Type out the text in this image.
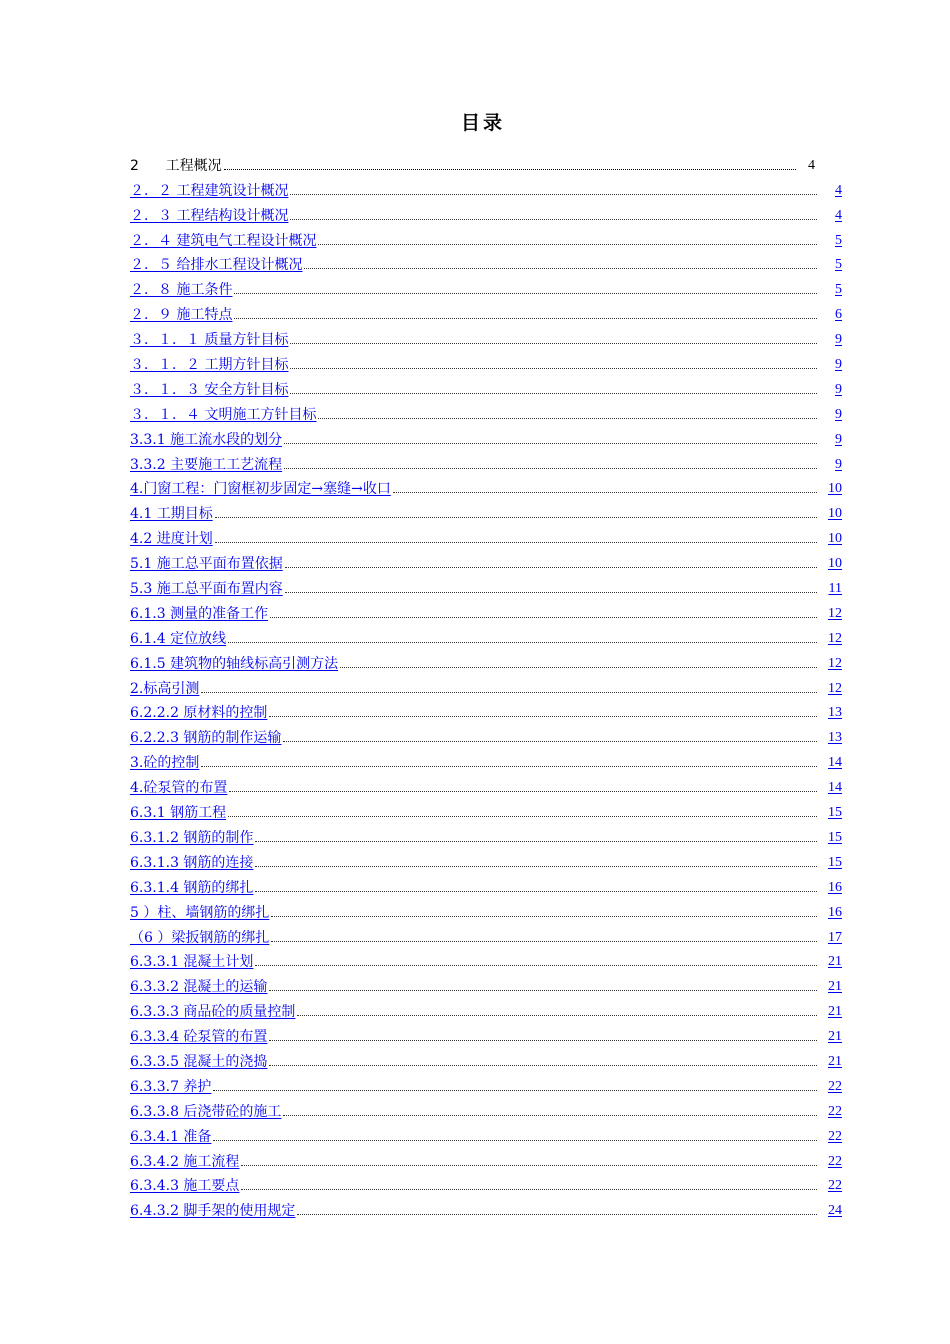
目录
2      工程概况	4
２．２ 工程建筑设计概况	4
２．３ 工程结构设计概况	4
２．４ 建筑电气工程设计概况	5
２．５ 给排水工程设计概况	5
２．８ 施工条件	5
２．９ 施工特点	6
３．１．１ 质量方针目标	9
３．１．２ 工期方针目标	9
３．１．３ 安全方针目标	9
３．１．４ 文明施工方针目标	9
3.3.1 施工流水段的划分	9
3.3.2 主要施工工艺流程	9
4.门窗工程：门窗框初步固定→塞缝→收口	10
4.1 工期目标	10
4.2 进度计划	10
5.1 施工总平面布置依据	10
5.3 施工总平面布置内容	11
6.1.3 测量的准备工作	12
6.1.4 定位放线	12
6.1.5 建筑物的轴线标高引测方法	12
2.标高引测	12
6.2.2.2 原材料的控制	13
6.2.2.3 钢筋的制作运输	13
3.砼的控制	14
4.砼泵管的布置	14
6.3.1 钢筋工程	15
6.3.1.2 钢筋的制作	15
6.3.1.3 钢筋的连接	15
6.3.1.4 钢筋的绑扎	16
5 ）柱、墙钢筋的绑扎	16
（6 ）梁扳钢筋的绑扎	17
6.3.3.1 混凝土计划	21
6.3.3.2 混凝土的运输	21
6.3.3.3 商品砼的质量控制	21
6.3.3.4 砼泵管的布置	21
6.3.3.5 混凝土的浇捣	21
6.3.3.7 养护	22
6.3.3.8 后浇带砼的施工	22
6.3.4.1 准备	22
6.3.4.2 施工流程	22
6.3.4.3 施工要点	22
6.4.3.2 脚手架的使用规定	24
